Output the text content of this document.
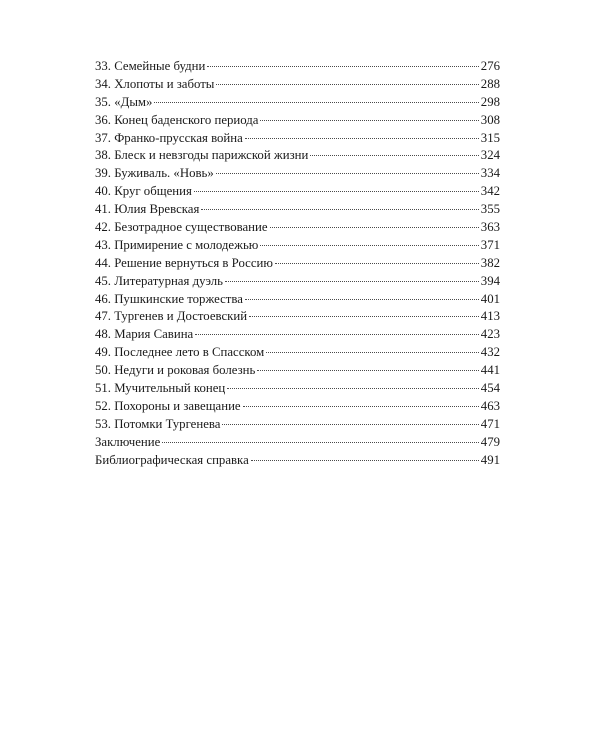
33. Семейные будни	276
34. Хлопоты и заботы	288
35. «Дым»	298
36. Конец баденского периода	308
37. Франко-прусская война	315
38. Блеск и невзгоды парижской жизни	324
39. Буживаль. «Новь»	334
40. Круг общения	342
41. Юлия Вревская	355
42. Безотрадное существование	363
43. Примирение с молодежью	371
44. Решение вернуться в Россию	382
45. Литературная дуэль	394
46. Пушкинские торжества	401
47. Тургенев и Достоевский	413
48. Мария Савина	423
49. Последнее лето в Спасском	432
50. Недуги и роковая болезнь	441
51. Мучительный конец	454
52. Похороны и завещание	463
53. Потомки Тургенева	471
Заключение	479
Библиографическая справка	491
